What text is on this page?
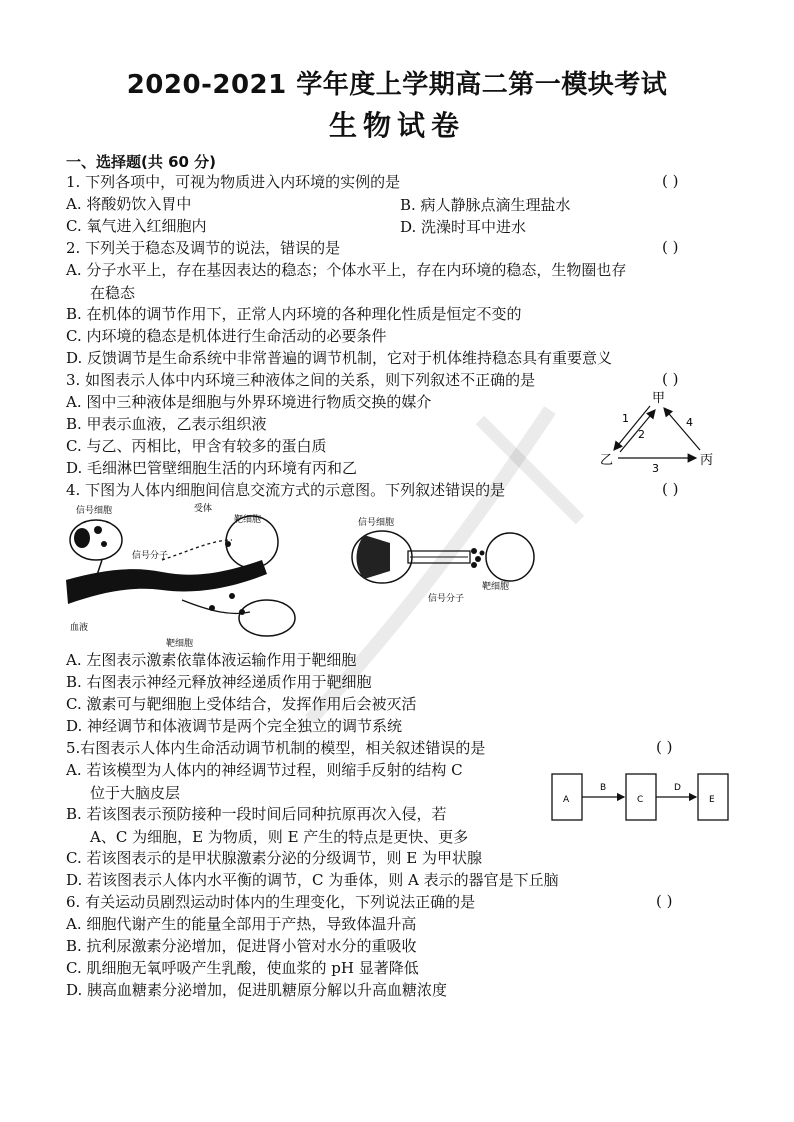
2020-2021 学年度上学期高二第一模块考试
生物试卷
一、选择题(共 60 分)
1. 下列各项中，可视为物质进入内环境的实例的是	( )
A. 将酸奶饮入胃中	B. 病人静脉点滴生理盐水
C. 氧气进入红细胞内	D. 洗澡时耳中进水
2. 下列关于稳态及调节的说法，错误的是	( )
A. 分子水平上，存在基因表达的稳态；个体水平上，存在内环境的稳态，生物圈也存
在稳态
B. 在机体的调节作用下，正常人内环境的各种理化性质是恒定不变的
C. 内环境的稳态是机体进行生命活动的必要条件
D. 反馈调节是生命系统中非常普遍的调节机制，它对于机体维持稳态具有重要意义
3. 如图表示人体中内环境三种液体之间的关系，则下列叙述不正确的是	( )
A. 图中三种液体是细胞与外界环境进行物质交换的媒介
B. 甲表示血液，乙表示组织液
C. 与乙、丙相比，甲含有较多的蛋白质
D. 毛细淋巴管壁细胞生活的内环境有丙和乙
甲
乙	丙
1
2
3
4
4. 下图为人体内细胞间信息交流方式的示意图。下列叙述错误的是	( )
信号细胞	受体
靶细胞
信号分子
血液
靶细胞
信号细胞
信号分子
靶细胞
A. 左图表示激素依靠体液运输作用于靶细胞
B. 右图表示神经元释放神经递质作用于靶细胞
C. 激素可与靶细胞上受体结合，发挥作用后会被灭活
D. 神经调节和体液调节是两个完全独立的调节系统
5.右图表示人体内生命活动调节机制的模型，相关叙述错误的是	( )
A. 若该模型为人体内的神经调节过程，则缩手反射的结构 C
位于大脑皮层
B. 若该图表示预防接种一段时间后同种抗原再次入侵，若
A、C 为细胞，E 为物质，则 E 产生的特点是更快、更多
C. 若该图表示的是甲状腺激素分泌的分级调节，则 E 为甲状腺
D. 若该图表示人体内水平衡的调节，C 为垂体，则 A 表示的器官是下丘脑
A
B
C
D
E
6. 有关运动员剧烈运动时体内的生理变化，下列说法正确的是	( )
A. 细胞代谢产生的能量全部用于产热，导致体温升高
B. 抗利尿激素分泌增加，促进肾小管对水分的重吸收
C. 肌细胞无氧呼吸产生乳酸，使血浆的 pH 显著降低
D. 胰高血糖素分泌增加，促进肌糖原分解以升高血糖浓度
